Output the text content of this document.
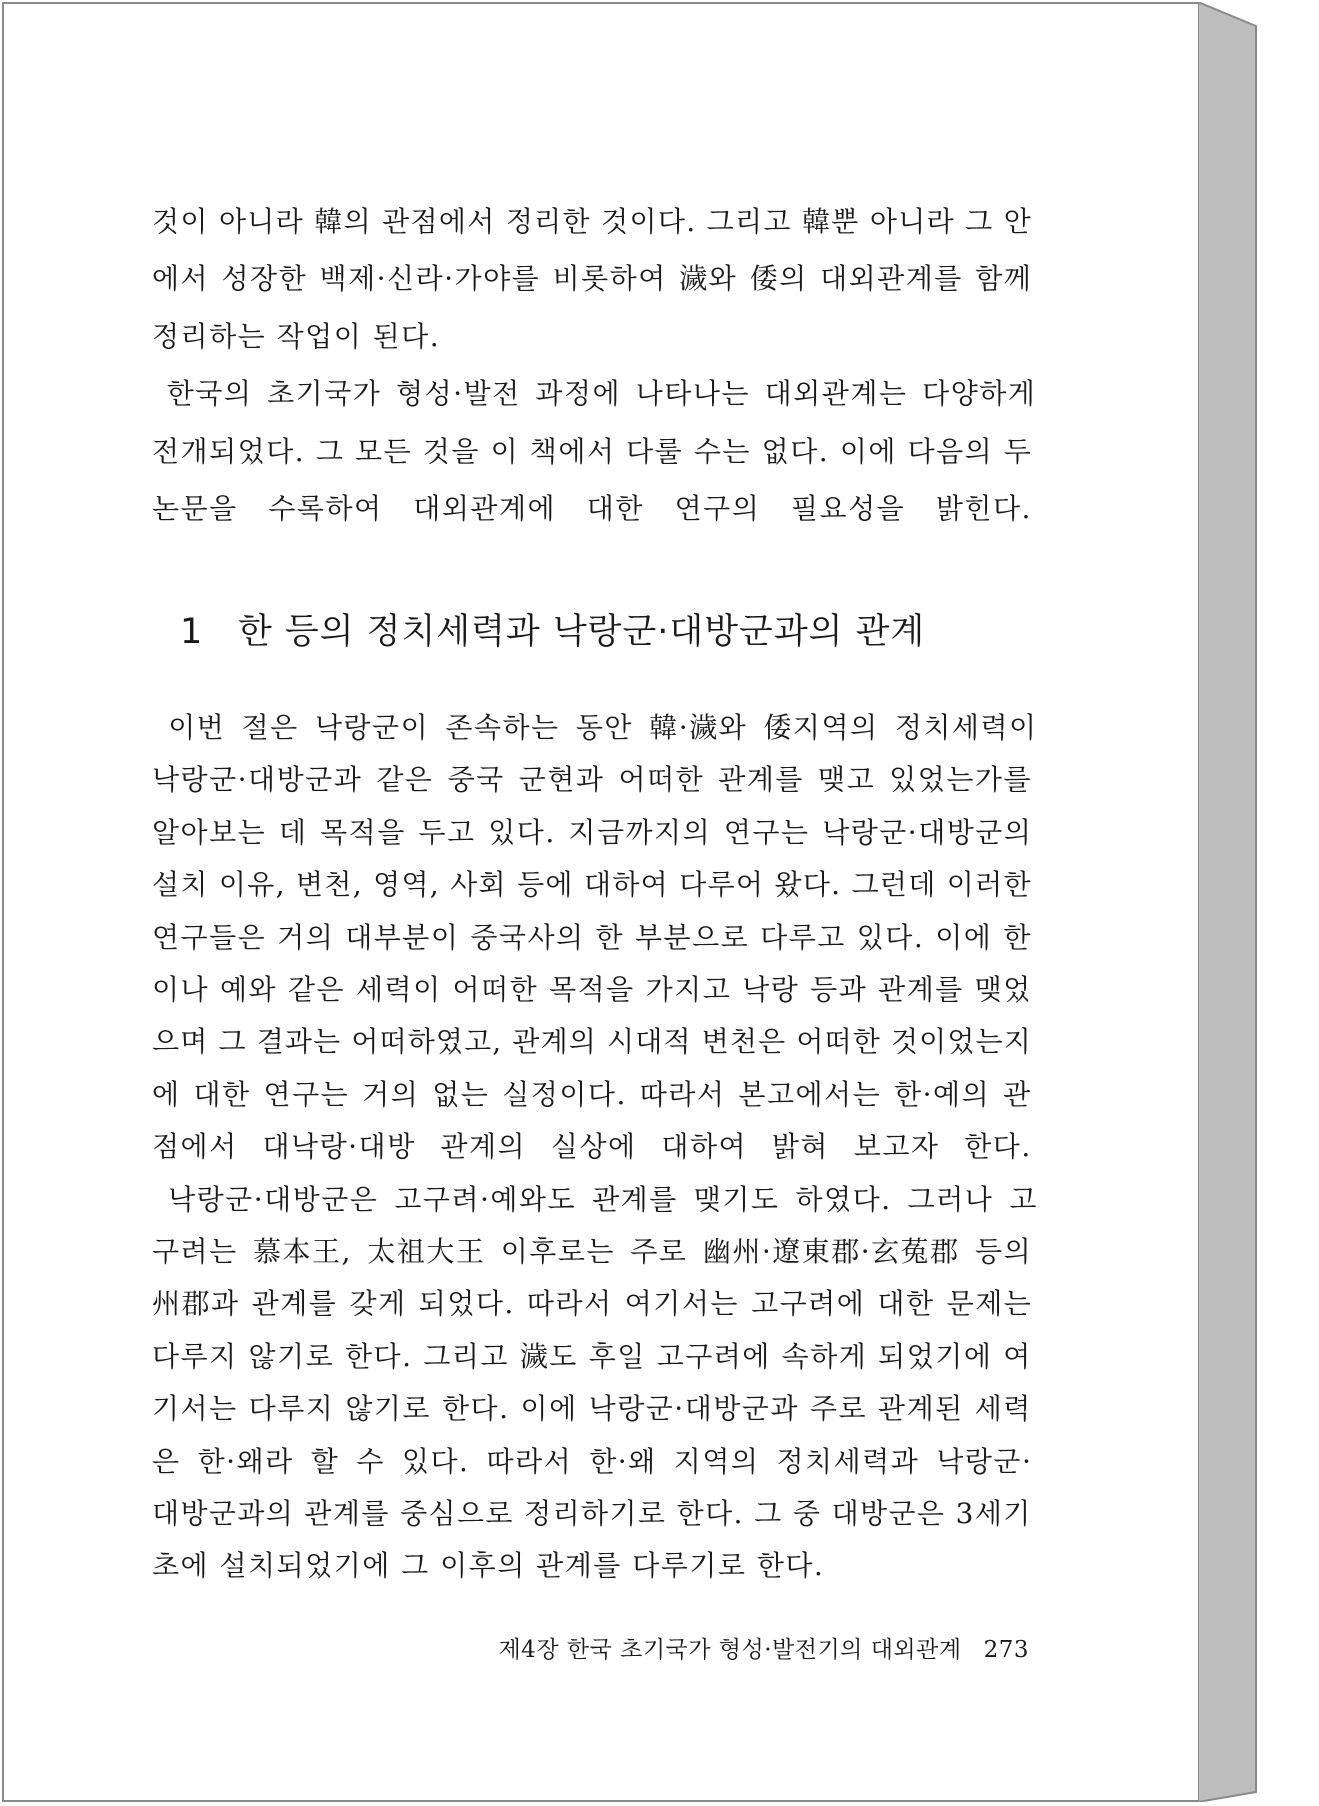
것이 아니라 韓의 관점에서 정리한 것이다. 그리고 韓뿐 아니라 그 안
에서 성장한 백제·신라·가야를 비롯하여 濊와 倭의 대외관계를 함께
정리하는 작업이 된다.
한국의 초기국가 형성·발전 과정에 나타나는 대외관계는 다양하게
전개되었다. 그 모든 것을 이 책에서 다룰 수는 없다. 이에 다음의 두
논문을 수록하여 대외관계에 대한 연구의 필요성을 밝힌다.
1 한 등의 정치세력과 낙랑군·대방군과의 관계
이번 절은 낙랑군이 존속하는 동안 韓·濊와 倭지역의 정치세력이
낙랑군·대방군과 같은 중국 군현과 어떠한 관계를 맺고 있었는가를
알아보는 데 목적을 두고 있다. 지금까지의 연구는 낙랑군·대방군의
설치 이유, 변천, 영역, 사회 등에 대하여 다루어 왔다. 그런데 이러한
연구들은 거의 대부분이 중국사의 한 부분으로 다루고 있다. 이에 한
이나 예와 같은 세력이 어떠한 목적을 가지고 낙랑 등과 관계를 맺었
으며 그 결과는 어떠하였고, 관계의 시대적 변천은 어떠한 것이었는지
에 대한 연구는 거의 없는 실정이다. 따라서 본고에서는 한·예의 관
점에서 대낙랑·대방 관계의 실상에 대하여 밝혀 보고자 한다.
낙랑군·대방군은 고구려·예와도 관계를 맺기도 하였다. 그러나 고
구려는 慕本王, 太祖大王 이후로는 주로 幽州·遼東郡·玄菟郡 등의
州郡과 관계를 갖게 되었다. 따라서 여기서는 고구려에 대한 문제는
다루지 않기로 한다. 그리고 濊도 후일 고구려에 속하게 되었기에 여
기서는 다루지 않기로 한다. 이에 낙랑군·대방군과 주로 관계된 세력
은 한·왜라 할 수 있다. 따라서 한·왜 지역의 정치세력과 낙랑군·
대방군과의 관계를 중심으로 정리하기로 한다. 그 중 대방군은 3세기
초에 설치되었기에 그 이후의 관계를 다루기로 한다.
제4장 한국 초기국가 형성·발전기의 대외관계 273
